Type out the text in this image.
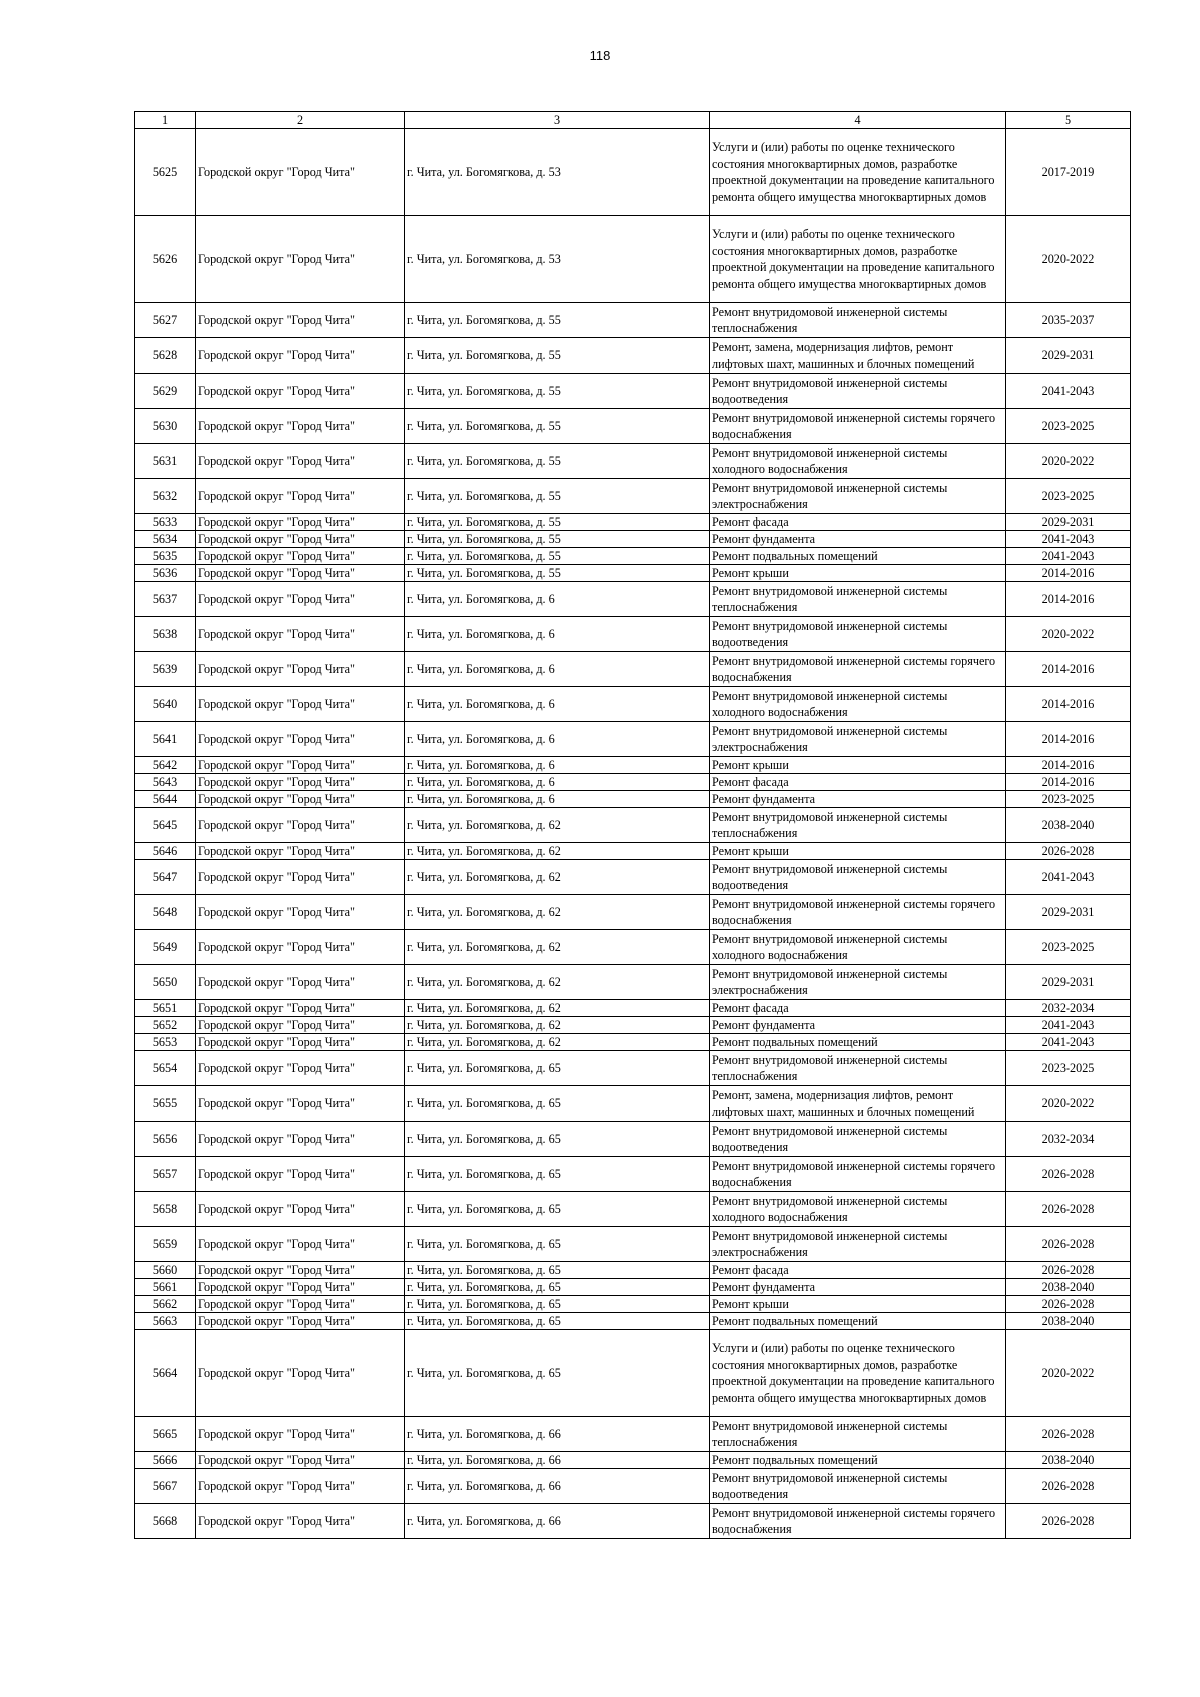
118
1	2	3	4	5
5625	Городской округ "Город Чита"	г. Чита, ул. Богомягкова, д. 53	Услуги и (или) работы по оценке технического состояния многоквартирных домов, разработке проектной документации на проведение капитального ремонта общего имущества многоквартирных домов	2017-2019
5626	Городской округ "Город Чита"	г. Чита, ул. Богомягкова, д. 53	Услуги и (или) работы по оценке технического состояния многоквартирных домов, разработке проектной документации на проведение капитального ремонта общего имущества многоквартирных домов	2020-2022
5627	Городской округ "Город Чита"	г. Чита, ул. Богомягкова, д. 55	Ремонт внутридомовой инженерной системы теплоснабжения	2035-2037
5628	Городской округ "Город Чита"	г. Чита, ул. Богомягкова, д. 55	Ремонт, замена, модернизация лифтов, ремонт лифтовых шахт, машинных и блочных помещений	2029-2031
5629	Городской округ "Город Чита"	г. Чита, ул. Богомягкова, д. 55	Ремонт внутридомовой инженерной системы водоотведения	2041-2043
5630	Городской округ "Город Чита"	г. Чита, ул. Богомягкова, д. 55	Ремонт внутридомовой инженерной системы горячего водоснабжения	2023-2025
5631	Городской округ "Город Чита"	г. Чита, ул. Богомягкова, д. 55	Ремонт внутридомовой инженерной системы холодного водоснабжения	2020-2022
5632	Городской округ "Город Чита"	г. Чита, ул. Богомягкова, д. 55	Ремонт внутридомовой инженерной системы электроснабжения	2023-2025
5633	Городской округ "Город Чита"	г. Чита, ул. Богомягкова, д. 55	Ремонт фасада	2029-2031
5634	Городской округ "Город Чита"	г. Чита, ул. Богомягкова, д. 55	Ремонт фундамента	2041-2043
5635	Городской округ "Город Чита"	г. Чита, ул. Богомягкова, д. 55	Ремонт подвальных помещений	2041-2043
5636	Городской округ "Город Чита"	г. Чита, ул. Богомягкова, д. 55	Ремонт крыши	2014-2016
5637	Городской округ "Город Чита"	г. Чита, ул. Богомягкова, д. 6	Ремонт внутридомовой инженерной системы теплоснабжения	2014-2016
5638	Городской округ "Город Чита"	г. Чита, ул. Богомягкова, д. 6	Ремонт внутридомовой инженерной системы водоотведения	2020-2022
5639	Городской округ "Город Чита"	г. Чита, ул. Богомягкова, д. 6	Ремонт внутридомовой инженерной системы горячего водоснабжения	2014-2016
5640	Городской округ "Город Чита"	г. Чита, ул. Богомягкова, д. 6	Ремонт внутридомовой инженерной системы холодного водоснабжения	2014-2016
5641	Городской округ "Город Чита"	г. Чита, ул. Богомягкова, д. 6	Ремонт внутридомовой инженерной системы электроснабжения	2014-2016
5642	Городской округ "Город Чита"	г. Чита, ул. Богомягкова, д. 6	Ремонт крыши	2014-2016
5643	Городской округ "Город Чита"	г. Чита, ул. Богомягкова, д. 6	Ремонт фасада	2014-2016
5644	Городской округ "Город Чита"	г. Чита, ул. Богомягкова, д. 6	Ремонт фундамента	2023-2025
5645	Городской округ "Город Чита"	г. Чита, ул. Богомягкова, д. 62	Ремонт внутридомовой инженерной системы теплоснабжения	2038-2040
5646	Городской округ "Город Чита"	г. Чита, ул. Богомягкова, д. 62	Ремонт крыши	2026-2028
5647	Городской округ "Город Чита"	г. Чита, ул. Богомягкова, д. 62	Ремонт внутридомовой инженерной системы водоотведения	2041-2043
5648	Городской округ "Город Чита"	г. Чита, ул. Богомягкова, д. 62	Ремонт внутридомовой инженерной системы горячего водоснабжения	2029-2031
5649	Городской округ "Город Чита"	г. Чита, ул. Богомягкова, д. 62	Ремонт внутридомовой инженерной системы холодного водоснабжения	2023-2025
5650	Городской округ "Город Чита"	г. Чита, ул. Богомягкова, д. 62	Ремонт внутридомовой инженерной системы электроснабжения	2029-2031
5651	Городской округ "Город Чита"	г. Чита, ул. Богомягкова, д. 62	Ремонт фасада	2032-2034
5652	Городской округ "Город Чита"	г. Чита, ул. Богомягкова, д. 62	Ремонт фундамента	2041-2043
5653	Городской округ "Город Чита"	г. Чита, ул. Богомягкова, д. 62	Ремонт подвальных помещений	2041-2043
5654	Городской округ "Город Чита"	г. Чита, ул. Богомягкова, д. 65	Ремонт внутридомовой инженерной системы теплоснабжения	2023-2025
5655	Городской округ "Город Чита"	г. Чита, ул. Богомягкова, д. 65	Ремонт, замена, модернизация лифтов, ремонт лифтовых шахт, машинных и блочных помещений	2020-2022
5656	Городской округ "Город Чита"	г. Чита, ул. Богомягкова, д. 65	Ремонт внутридомовой инженерной системы водоотведения	2032-2034
5657	Городской округ "Город Чита"	г. Чита, ул. Богомягкова, д. 65	Ремонт внутридомовой инженерной системы горячего водоснабжения	2026-2028
5658	Городской округ "Город Чита"	г. Чита, ул. Богомягкова, д. 65	Ремонт внутридомовой инженерной системы холодного водоснабжения	2026-2028
5659	Городской округ "Город Чита"	г. Чита, ул. Богомягкова, д. 65	Ремонт внутридомовой инженерной системы электроснабжения	2026-2028
5660	Городской округ "Город Чита"	г. Чита, ул. Богомягкова, д. 65	Ремонт фасада	2026-2028
5661	Городской округ "Город Чита"	г. Чита, ул. Богомягкова, д. 65	Ремонт фундамента	2038-2040
5662	Городской округ "Город Чита"	г. Чита, ул. Богомягкова, д. 65	Ремонт крыши	2026-2028
5663	Городской округ "Город Чита"	г. Чита, ул. Богомягкова, д. 65	Ремонт подвальных помещений	2038-2040
5664	Городской округ "Город Чита"	г. Чита, ул. Богомягкова, д. 65	Услуги и (или) работы по оценке технического состояния многоквартирных домов, разработке проектной документации на проведение капитального ремонта общего имущества многоквартирных домов	2020-2022
5665	Городской округ "Город Чита"	г. Чита, ул. Богомягкова, д. 66	Ремонт внутридомовой инженерной системы теплоснабжения	2026-2028
5666	Городской округ "Город Чита"	г. Чита, ул. Богомягкова, д. 66	Ремонт подвальных помещений	2038-2040
5667	Городской округ "Город Чита"	г. Чита, ул. Богомягкова, д. 66	Ремонт внутридомовой инженерной системы водоотведения	2026-2028
5668	Городской округ "Город Чита"	г. Чита, ул. Богомягкова, д. 66	Ремонт внутридомовой инженерной системы горячего водоснабжения	2026-2028
